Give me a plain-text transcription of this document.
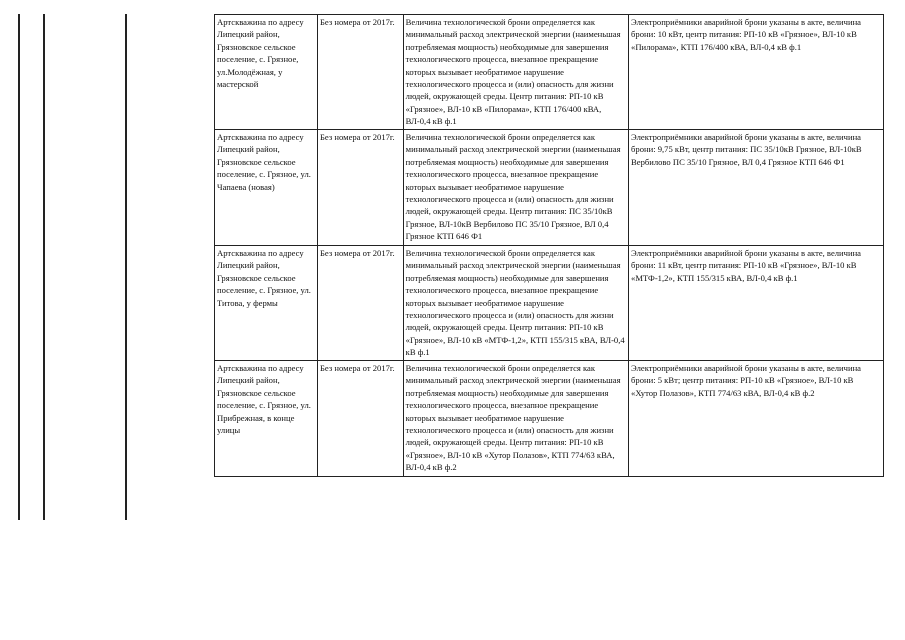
Артскважина по адресу Липецкий район, Грязновское сельское поселение, с. Грязное, ул.Молодёжная, у мастерской	Без номера от 2017г.	Величина технологической брони определяется как минимальный расход электрической энергии (наименьшая потребляемая мощность) необходимые для завершения технологического процесса, внезапное прекращение которых вызывает необратимое нарушение технологического процесса и (или) опасность для жизни людей, окружающей среды. Центр питания: РП-10 кВ «Грязное», ВЛ-10 кВ «Пилорама», КТП 176/400 кВА, ВЛ-0,4 кВ ф.1	Электроприёмники аварийной брони указаны в акте, величина брони: 10 кВт, центр питания: РП-10 кВ «Грязное», ВЛ-10 кВ «Пилорама», КТП 176/400 кВА, ВЛ-0,4 кВ ф.1
Артскважина по адресу Липецкий район, Грязновское сельское поселение, с. Грязное, ул. Чапаева (новая)	Без номера от 2017г.	Величина технологической брони определяется как минимальный расход электрической энергии (наименьшая потребляемая мощность) необходимые для завершения технологического процесса, внезапное прекращение которых вызывает необратимое нарушение технологического процесса и (или) опасность для жизни людей, окружающей среды. Центр питания: ПС 35/10кВ Грязное, ВЛ-10кВ Вербилово ПС 35/10 Грязное, ВЛ 0,4 Грязное КТП 646 Ф1	Электроприёмники аварийной брони указаны в акте, величина брони: 9,75 кВт, центр питания: ПС 35/10кВ Грязное, ВЛ-10кВ Вербилово ПС 35/10 Грязное, ВЛ 0,4 Грязное КТП 646 Ф1
Артскважина по адресу Липецкий район, Грязновское сельское поселение, с. Грязное, ул. Титова, у фермы	Без номера от 2017г.	Величина технологической брони определяется как минимальный расход электрической энергии (наименьшая потребляемая мощность) необходимые для завершения технологического процесса, внезапное прекращение которых вызывает необратимое нарушение технологического процесса и (или) опасность для жизни людей, окружающей среды. Центр питания: РП-10 кВ «Грязное», ВЛ-10 кВ «МТФ-1,2», КТП 155/315 кВА, ВЛ-0,4 кВ ф.1	Электроприёмники аварийной брони указаны в акте, величина брони: 11 кВт, центр питания: РП-10 кВ «Грязное», ВЛ-10 кВ «МТФ-1,2», КТП 155/315 кВА, ВЛ-0,4 кВ ф.1
Артскважина по адресу Липецкий район, Грязновское сельское поселение, с. Грязное, ул. Прибрежная, в конце улицы	Без номера от 2017г.	Величина технологической брони определяется как минимальный расход электрической энергии (наименьшая потребляемая мощность) необходимые для завершения технологического процесса, внезапное прекращение которых вызывает необратимое нарушение технологического процесса и (или) опасность для жизни людей, окружающей среды. Центр питания: РП-10 кВ «Грязное», ВЛ-10 кВ «Хутор Полазов», КТП 774/63 кВА, ВЛ-0,4 кВ ф.2	Электроприёмники аварийной брони указаны в акте, величина брони: 5 кВт; центр питания: РП-10 кВ «Грязное», ВЛ-10 кВ «Хутор Полазов», КТП 774/63 кВА, ВЛ-0,4 кВ ф.2
